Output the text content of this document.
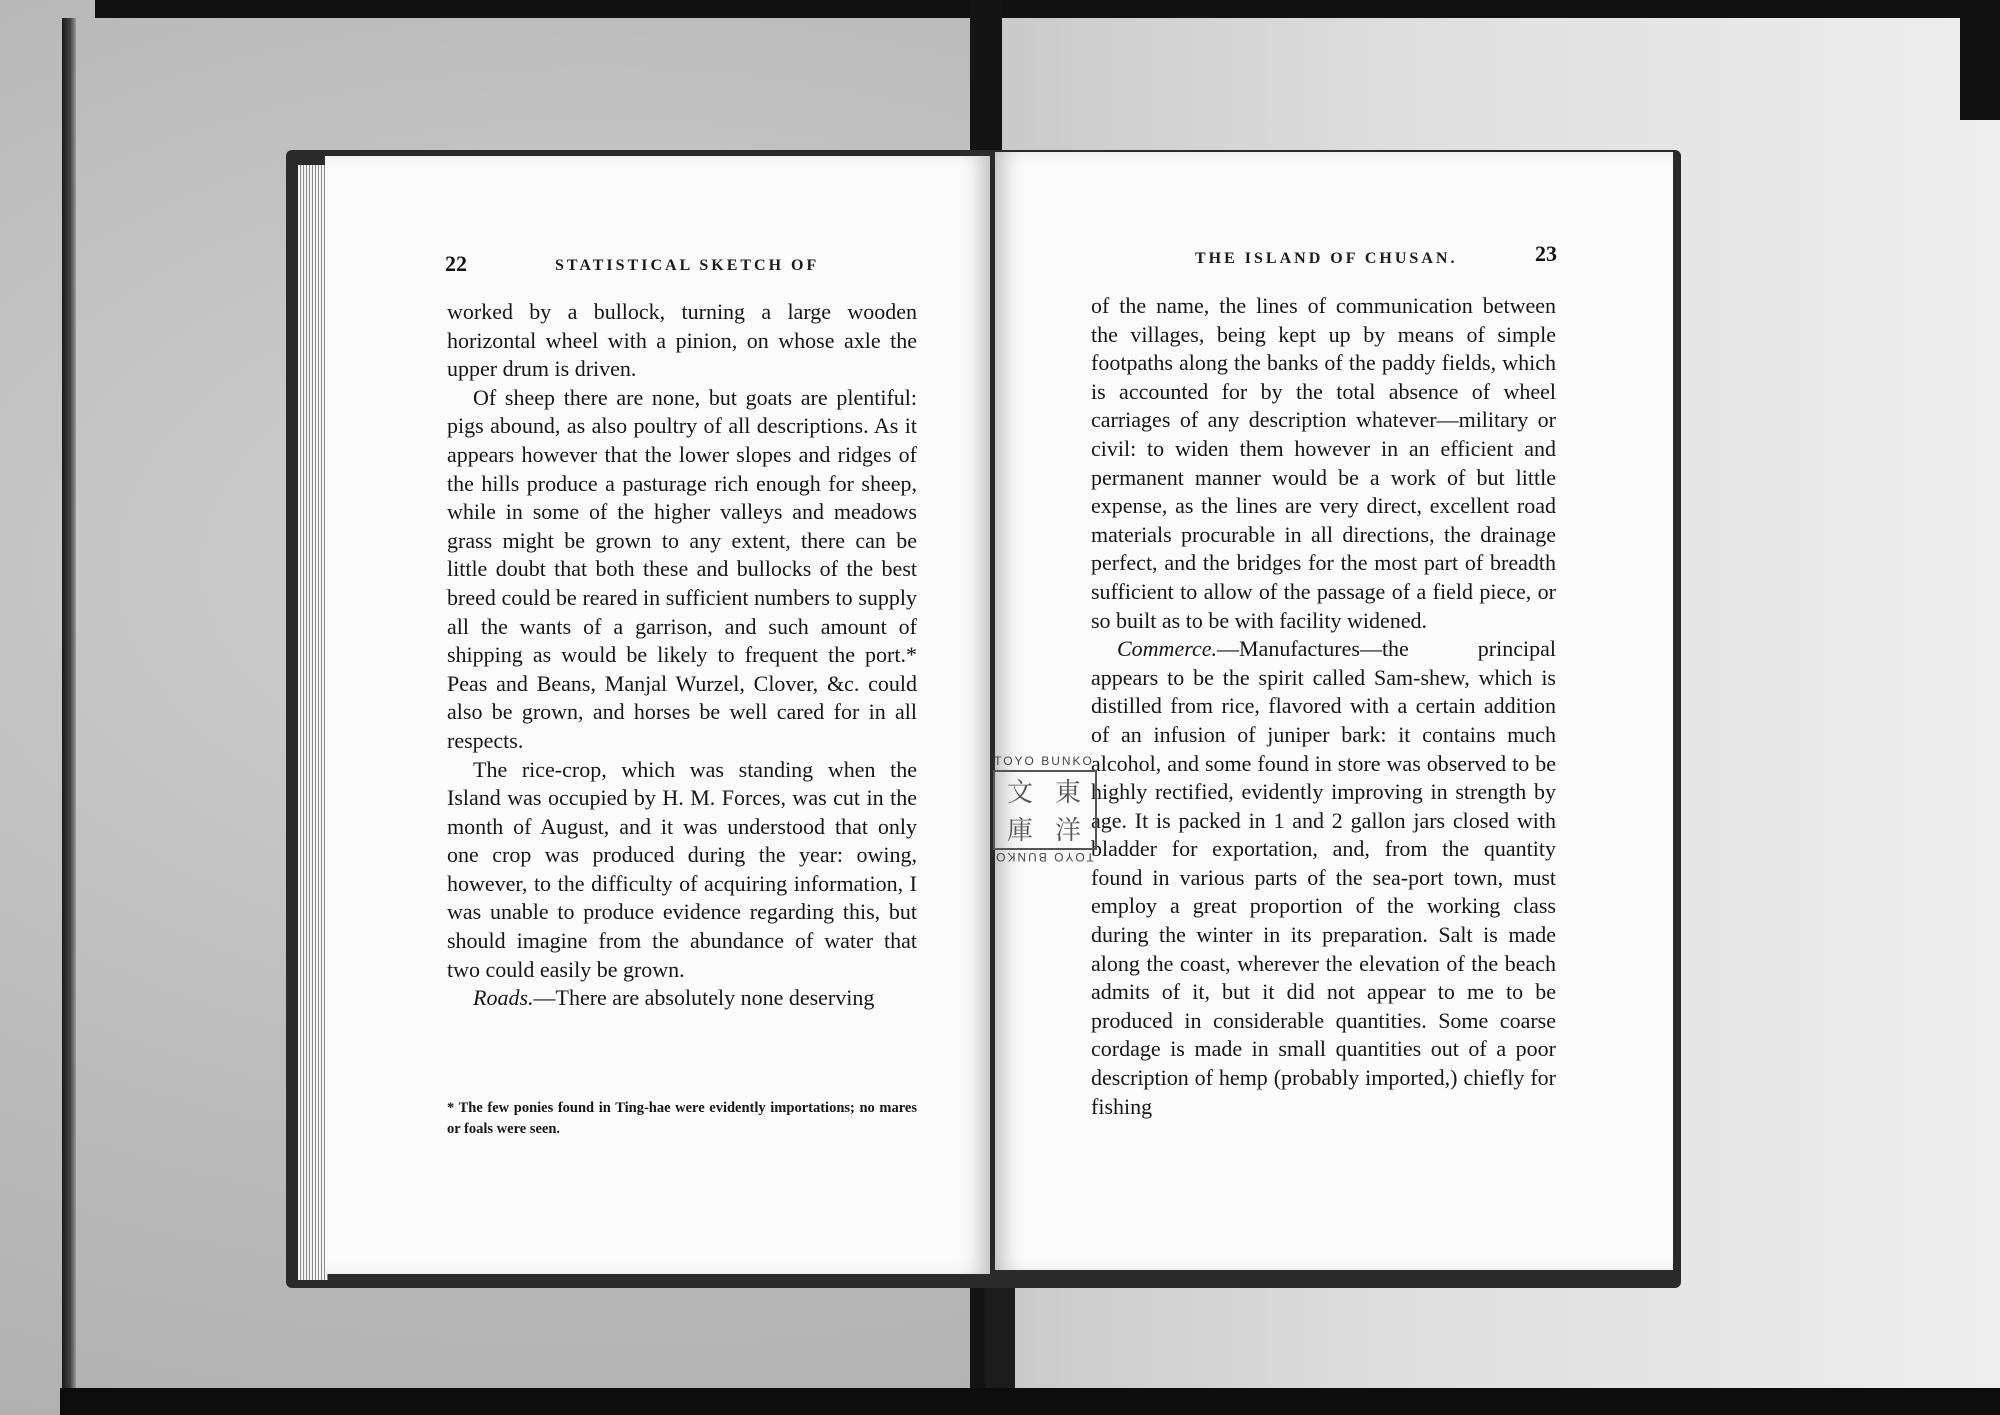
22	STATISTICAL SKETCH OF

worked by a bullock, turning a large wooden horizontal wheel with a pinion, on whose axle the upper drum is driven.

Of sheep there are none, but goats are plentiful: pigs abound, as also poultry of all descriptions. As it appears however that the lower slopes and ridges of the hills produce a pasturage rich enough for sheep, while in some of the higher valleys and meadows grass might be grown to any extent, there can be little doubt that both these and bullocks of the best breed could be reared in sufficient numbers to supply all the wants of a garrison, and such amount of shipping as would be likely to frequent the port.* Peas and Beans, Manjal Wurzel, Clover, &c. could also be grown, and horses be well cared for in all respects.

The rice-crop, which was standing when the Island was occupied by H. M. Forces, was cut in the month of August, and it was understood that only one crop was produced during the year: owing, however, to the difficulty of acquiring information, I was unable to produce evidence regarding this, but should imagine from the abundance of water that two could easily be grown.

Roads.—There are absolutely none deserving

* The few ponies found in Ting-hae were evidently importations; no mares or foals were seen.
THE ISLAND OF CHUSAN.	23

of the name, the lines of communication between the villages, being kept up by means of simple footpaths along the banks of the paddy fields, which is accounted for by the total absence of wheel carriages of any description whatever—military or civil: to widen them however in an efficient and permanent manner would be a work of but little expense, as the lines are very direct, excellent road materials procurable in all directions, the drainage perfect, and the bridges for the most part of breadth sufficient to allow of the passage of a field piece, or so built as to be with facility widened.

Commerce.—Manufactures—the principal appears to be the spirit called Sam-shew, which is distilled from rice, flavored with a certain addition of an infusion of juniper bark: it contains much alcohol, and some found in store was observed to be highly rectified, evidently improving in strength by age. It is packed in 1 and 2 gallon jars closed with bladder for exportation, and, from the quantity found in various parts of the sea-port town, must employ a great proportion of the working class during the winter in its preparation. Salt is made along the coast, wherever the elevation of the beach admits of it, but it did not appear to me to be produced in considerable quantities. Some coarse cordage is made in small quantities out of a poor description of hemp (probably imported,) chiefly for fishing

TOYO BUNKO
東
洋
文
庫
TOYO BUNKO
